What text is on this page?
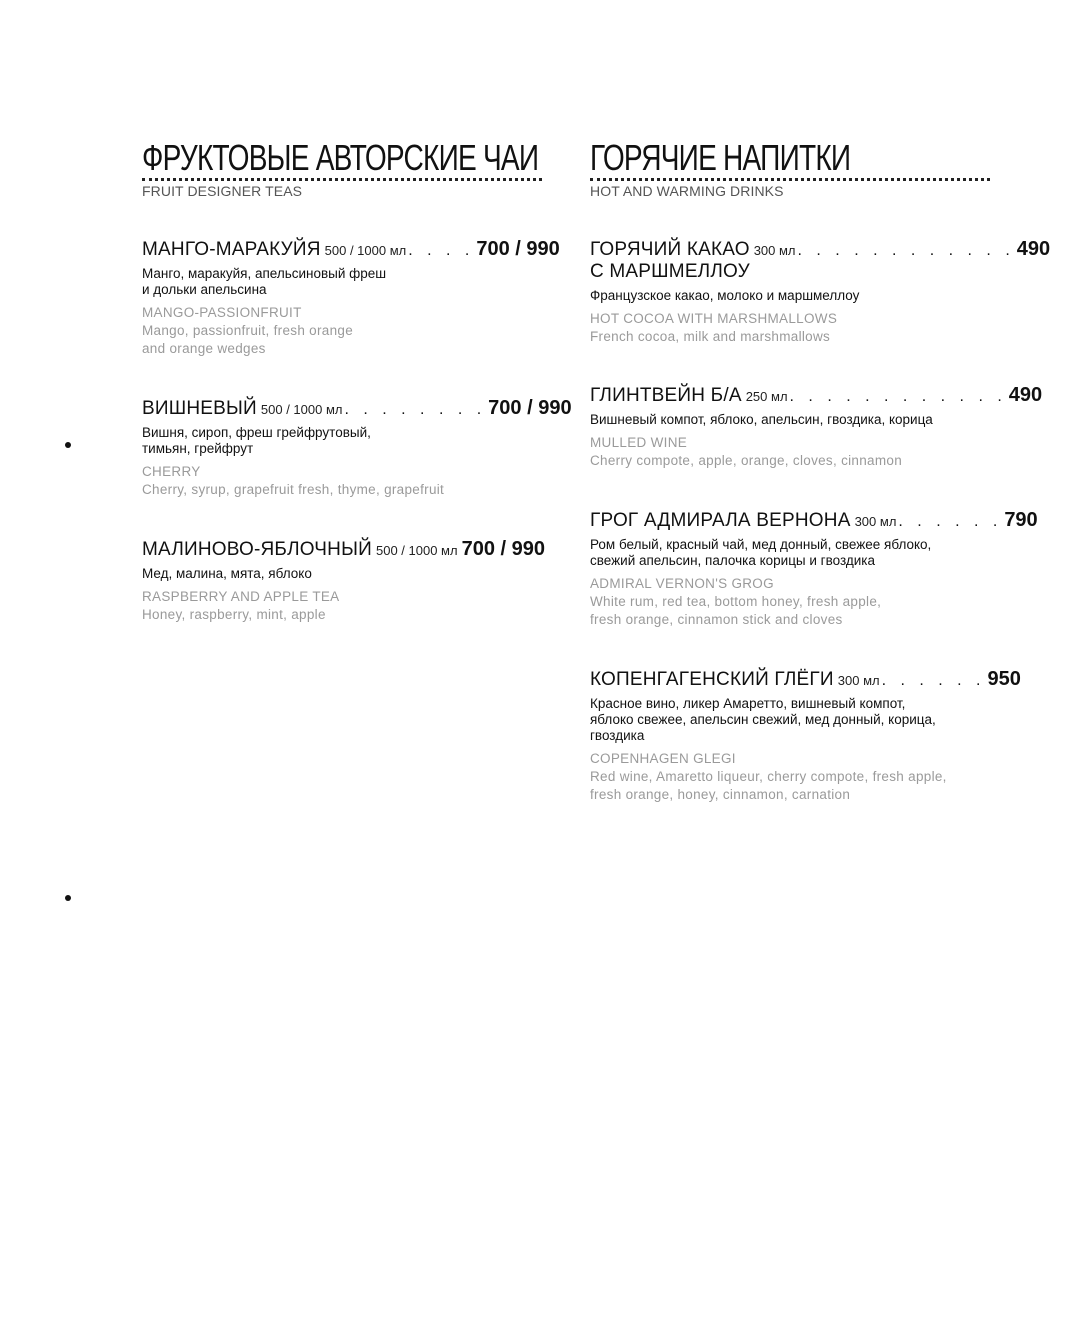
ФРУКТОВЫЕ АВТОРСКИЕ ЧАИ
FRUIT DESIGNER TEAS
МАНГО-МАРАКУЙЯ 500 / 1000 мл . . . . 700 / 990
Манго, маракуйя, апельсиновый фреш
и дольки апельсина
MANGO-PASSIONFRUIT
Mango, passionfruit, fresh orange
and orange wedges
ВИШНЕВЫЙ 500 / 1000 мл . . . . . . . . 700 / 990
Вишня, сироп, фреш грейфрутовый,
тимьян, грейфрут
CHERRY
Cherry, syrup, grapefruit fresh, thyme, grapefruit
МАЛИНОВО-ЯБЛОЧНЫЙ 500 / 1000 мл 700 / 990
Мед, малина, мята, яблоко
RASPBERRY AND APPLE TEA
Honey, raspberry, mint, apple
ГОРЯЧИЕ НАПИТКИ
HOT AND WARMING DRINKS
ГОРЯЧИЙ КАКАО 300 мл . . . . . . . . . . . . 490
С МАРШМЕЛЛОУ
Французское какао, молоко и маршмеллоу
HOT COCOA WITH MARSHMALLOWS
French cocoa, milk and marshmallows
ГЛИНТВЕЙН Б/А 250 мл . . . . . . . . . . . . 490
Вишневый компот, яблоко, апельсин, гвоздика, корица
MULLED WINE
Cherry compote, apple, orange, cloves, cinnamon
ГРОГ АДМИРАЛА ВЕРНОНА 300 мл . . . . . . 790
Ром белый, красный чай, мед донный, свежее яблоко,
свежий апельсин, палочка корицы и гвоздика
ADMIRAL VERNON'S GROG
White rum, red tea, bottom honey, fresh apple,
fresh orange, cinnamon stick and cloves
КОПЕНГАГЕНСКИЙ ГЛЁГИ 300 мл . . . . . . 950
Красное вино, ликер Амаретто, вишневый компот,
яблоко свежее, апельсин свежий, мед донный, корица,
гвоздика
COPENHAGEN GLEGI
Red wine, Amaretto liqueur, cherry compote, fresh apple,
fresh orange, honey, cinnamon, carnation
